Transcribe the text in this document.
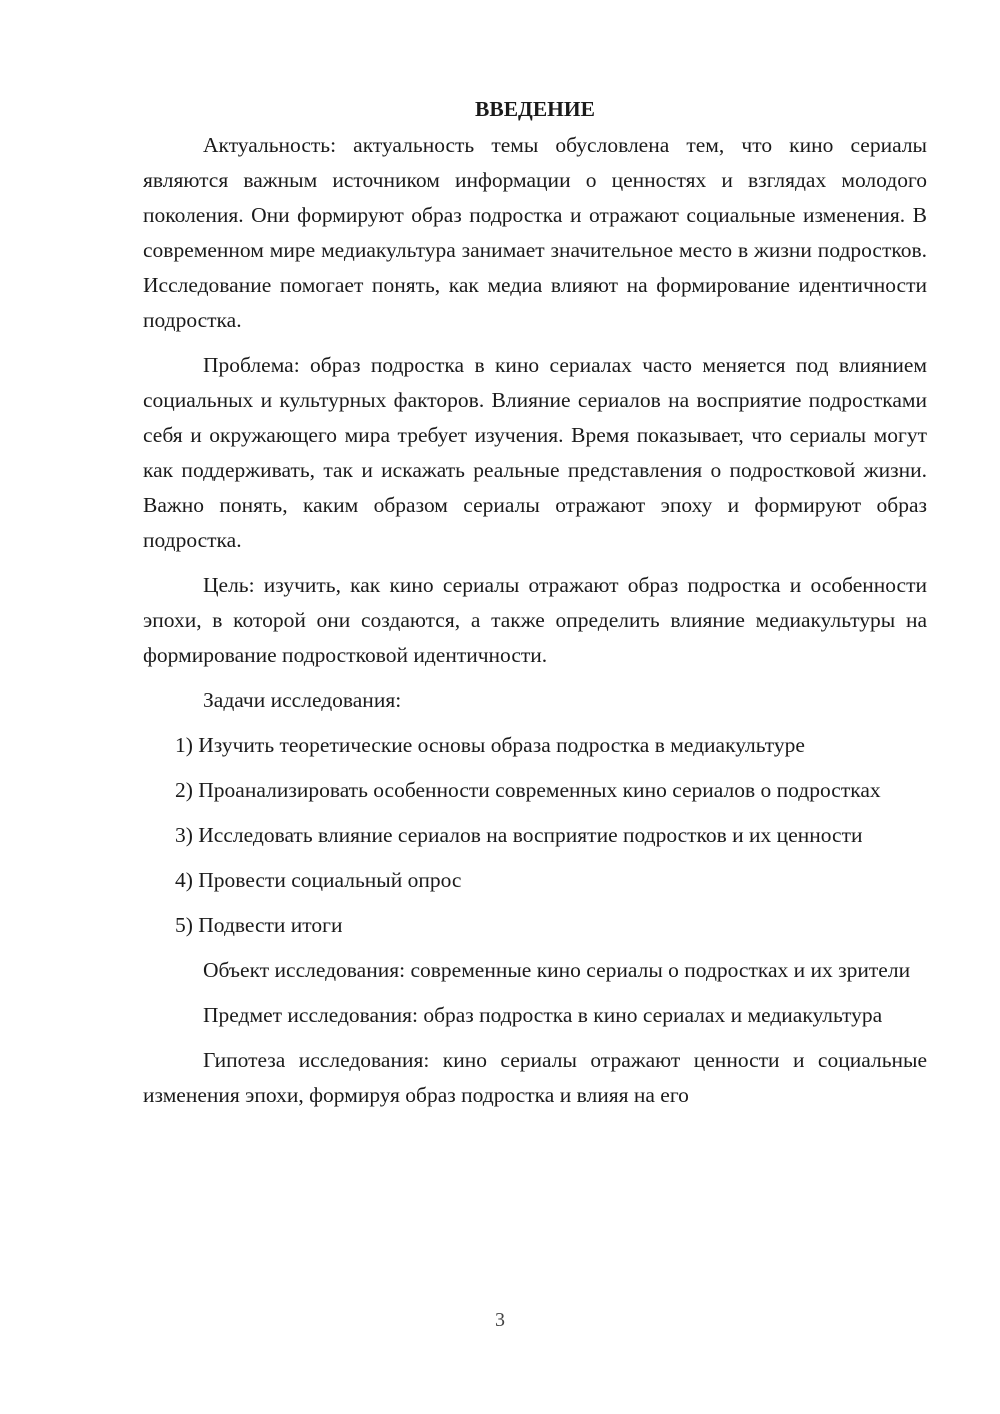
ВВЕДЕНИЕ

Актуальность: актуальность темы обусловлена тем, что кино сериалы являются важным источником информации о ценностях и взглядах молодого поколения. Они формируют образ подростка и отражают социальные изменения. В современном мире медиакультура занимает значительное место в жизни подростков. Исследование помогает понять, как медиа влияют на формирование идентичности подростка.

Проблема: образ подростка в кино сериалах часто меняется под влиянием социальных и культурных факторов. Влияние сериалов на восприятие подростками себя и окружающего мира требует изучения. Время показывает, что сериалы могут как поддерживать, так и искажать реальные представления о подростковой жизни. Важно понять, каким образом сериалы отражают эпоху и формируют образ подростка.

Цель: изучить, как кино сериалы отражают образ подростка и особенности эпохи, в которой они создаются, а также определить влияние медиакультуры на формирование подростковой идентичности.

Задачи исследования:

1) Изучить теоретические основы образа подростка в медиакультуре

2) Проанализировать особенности современных кино сериалов о подростках

3) Исследовать влияние сериалов на восприятие подростков и их ценности

4) Провести социальный опрос

5) Подвести итоги

Объект исследования: современные кино сериалы о подростках и их зрители

Предмет исследования: образ подростка в кино сериалах и медиакультура

Гипотеза исследования: кино сериалы отражают ценности и социальные изменения эпохи, формируя образ подростка и влияя на его

3
